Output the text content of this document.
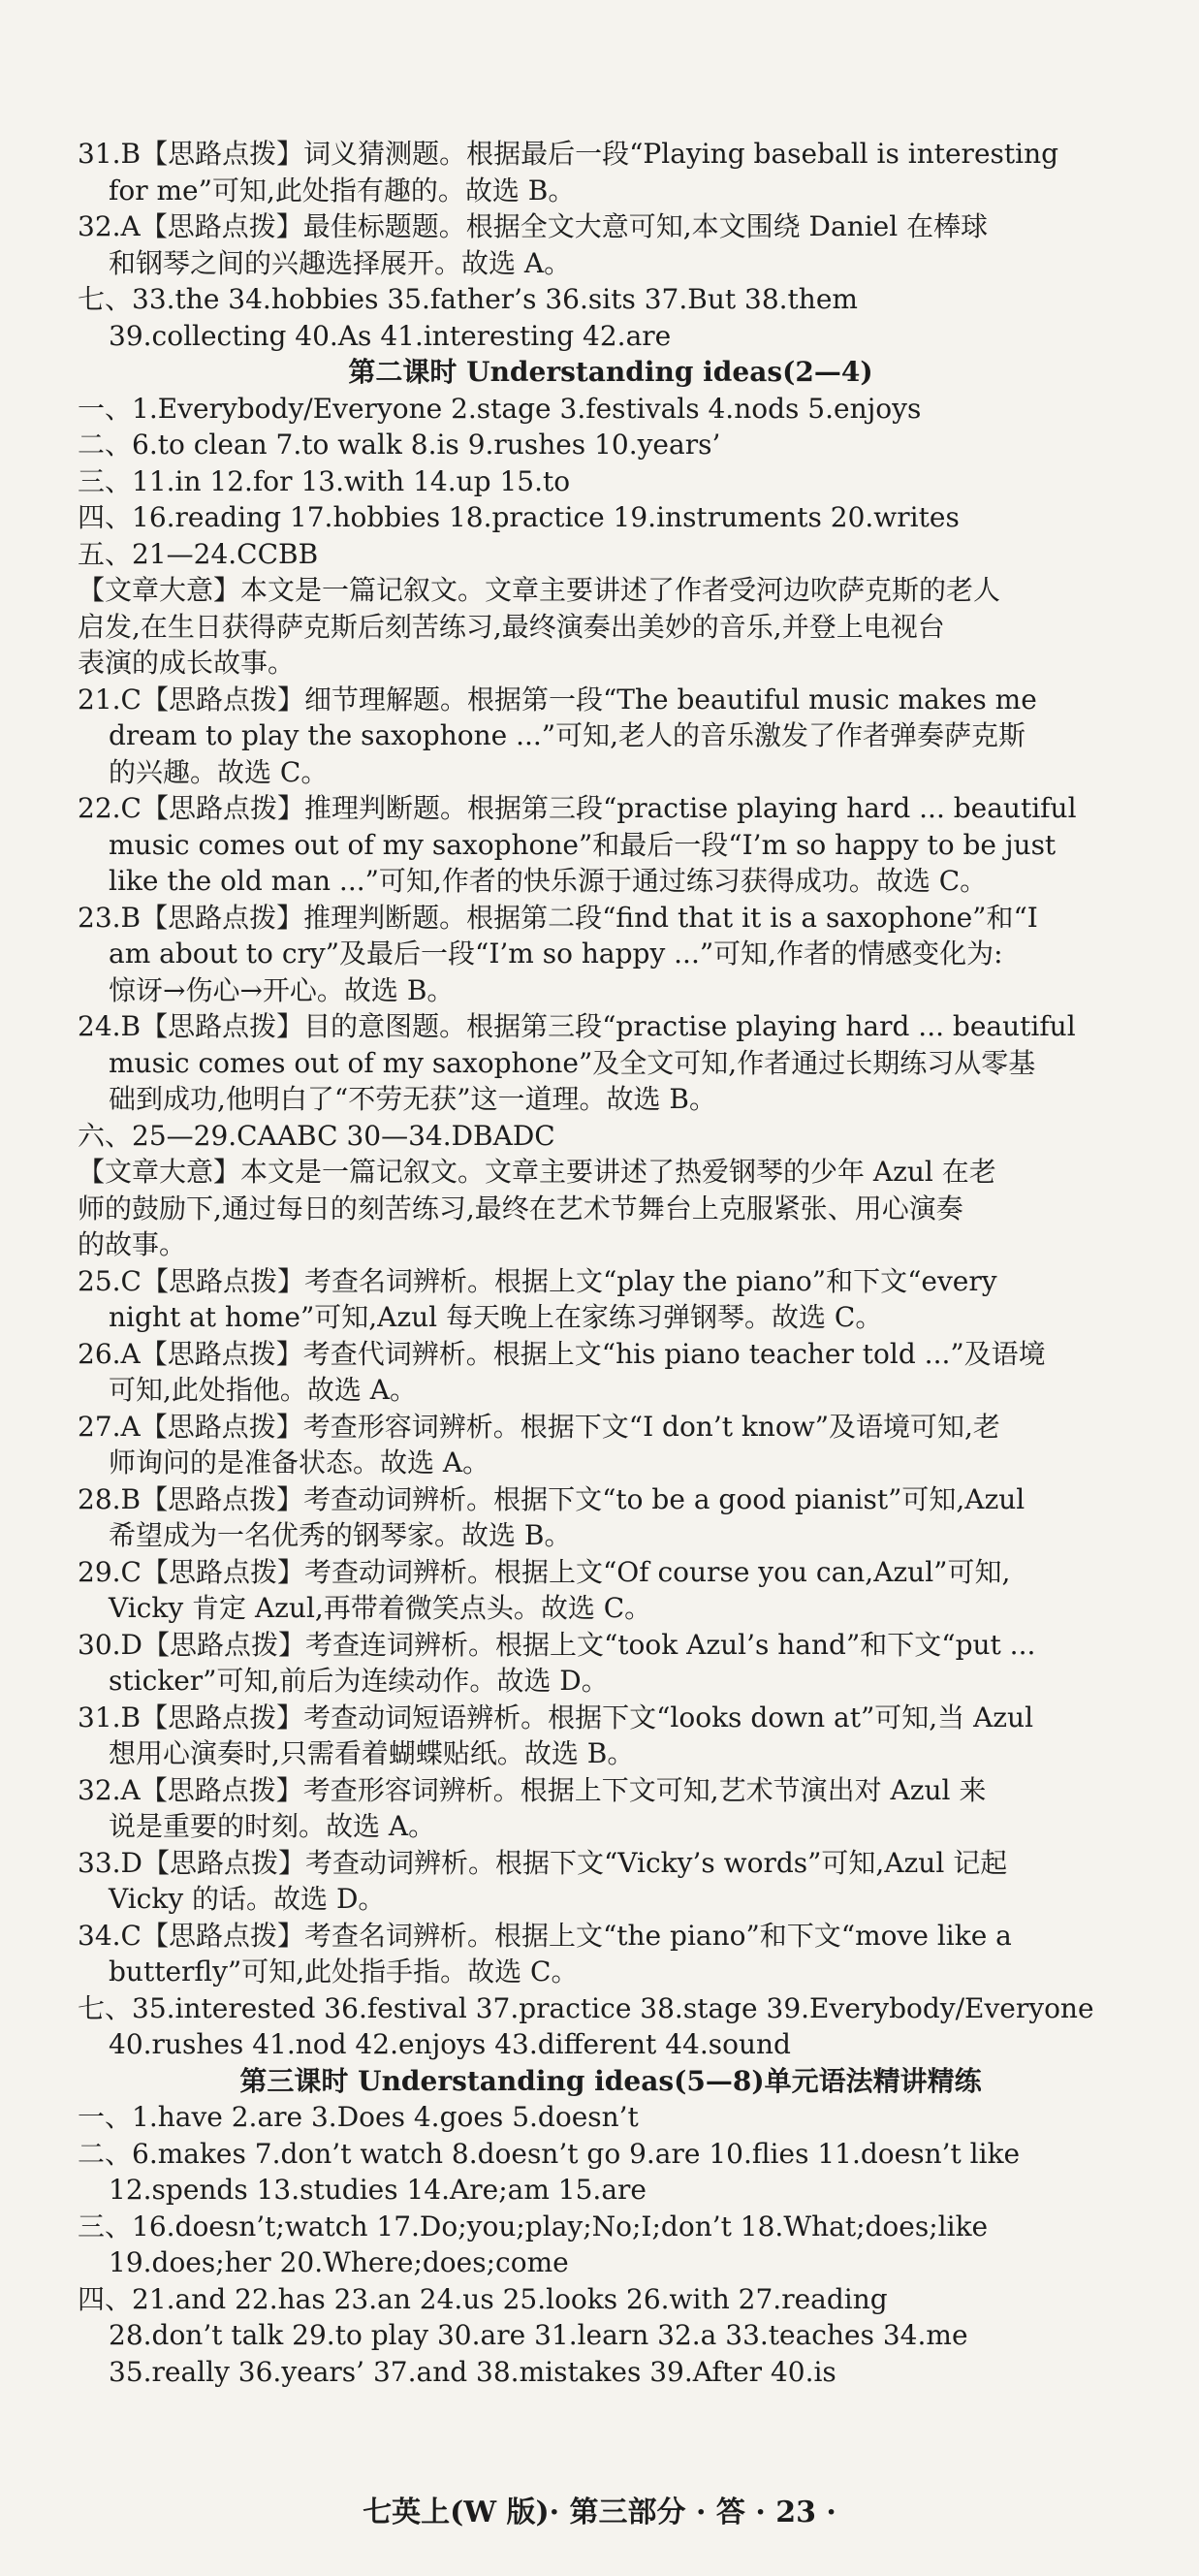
31.B【思路点拨】词义猜测题。根据最后一段“Playing baseball is interesting
for me”可知,此处指有趣的。故选 B。
32.A【思路点拨】最佳标题题。根据全文大意可知,本文围绕 Daniel 在棒球
和钢琴之间的兴趣选择展开。故选 A。
七、33.the 34.hobbies 35.father’s 36.sits 37.But 38.them
39.collecting 40.As 41.interesting 42.are
第二课时 Understanding ideas(2—4)
一、1.Everybody/Everyone 2.stage 3.festivals 4.nods 5.enjoys
二、6.to clean 7.to walk 8.is 9.rushes 10.years’
三、11.in 12.for 13.with 14.up 15.to
四、16.reading 17.hobbies 18.practice 19.instruments 20.writes
五、21—24.CCBB
【文章大意】本文是一篇记叙文。文章主要讲述了作者受河边吹萨克斯的老人
启发,在生日获得萨克斯后刻苦练习,最终演奏出美妙的音乐,并登上电视台
表演的成长故事。
21.C【思路点拨】细节理解题。根据第一段“The beautiful music makes me
dream to play the saxophone ...”可知,老人的音乐激发了作者弹奏萨克斯
的兴趣。故选 C。
22.C【思路点拨】推理判断题。根据第三段“practise playing hard ... beautiful
music comes out of my saxophone”和最后一段“I’m so happy to be just
like the old man ...”可知,作者的快乐源于通过练习获得成功。故选 C。
23.B【思路点拨】推理判断题。根据第二段“find that it is a saxophone”和“I
am about to cry”及最后一段“I’m so happy ...”可知,作者的情感变化为:
惊讶→伤心→开心。故选 B。
24.B【思路点拨】目的意图题。根据第三段“practise playing hard ... beautiful
music comes out of my saxophone”及全文可知,作者通过长期练习从零基
础到成功,他明白了“不劳无获”这一道理。故选 B。
六、25—29.CAABC 30—34.DBADC
【文章大意】本文是一篇记叙文。文章主要讲述了热爱钢琴的少年 Azul 在老
师的鼓励下,通过每日的刻苦练习,最终在艺术节舞台上克服紧张、用心演奏
的故事。
25.C【思路点拨】考查名词辨析。根据上文“play the piano”和下文“every
night at home”可知,Azul 每天晚上在家练习弹钢琴。故选 C。
26.A【思路点拨】考查代词辨析。根据上文“his piano teacher told ...”及语境
可知,此处指他。故选 A。
27.A【思路点拨】考查形容词辨析。根据下文“I don’t know”及语境可知,老
师询问的是准备状态。故选 A。
28.B【思路点拨】考查动词辨析。根据下文“to be a good pianist”可知,Azul
希望成为一名优秀的钢琴家。故选 B。
29.C【思路点拨】考查动词辨析。根据上文“Of course you can,Azul”可知,
Vicky 肯定 Azul,再带着微笑点头。故选 C。
30.D【思路点拨】考查连词辨析。根据上文“took Azul’s hand”和下文“put ...
sticker”可知,前后为连续动作。故选 D。
31.B【思路点拨】考查动词短语辨析。根据下文“looks down at”可知,当 Azul
想用心演奏时,只需看着蝴蝶贴纸。故选 B。
32.A【思路点拨】考查形容词辨析。根据上下文可知,艺术节演出对 Azul 来
说是重要的时刻。故选 A。
33.D【思路点拨】考查动词辨析。根据下文“Vicky’s words”可知,Azul 记起
Vicky 的话。故选 D。
34.C【思路点拨】考查名词辨析。根据上文“the piano”和下文“move like a
butterfly”可知,此处指手指。故选 C。
七、35.interested 36.festival 37.practice 38.stage 39.Everybody/Everyone
40.rushes 41.nod 42.enjoys 43.different 44.sound
第三课时 Understanding ideas(5—8)单元语法精讲精练
一、1.have 2.are 3.Does 4.goes 5.doesn’t
二、6.makes 7.don’t watch 8.doesn’t go 9.are 10.flies 11.doesn’t like
12.spends 13.studies 14.Are;am 15.are
三、16.doesn’t;watch 17.Do;you;play;No;I;don’t 18.What;does;like
19.does;her 20.Where;does;come
四、21.and 22.has 23.an 24.us 25.looks 26.with 27.reading
28.don’t talk 29.to play 30.are 31.learn 32.a 33.teaches 34.me
35.really 36.years’ 37.and 38.mistakes 39.After 40.is
七英上(W 版)· 第三部分 · 答 · 23 ·
